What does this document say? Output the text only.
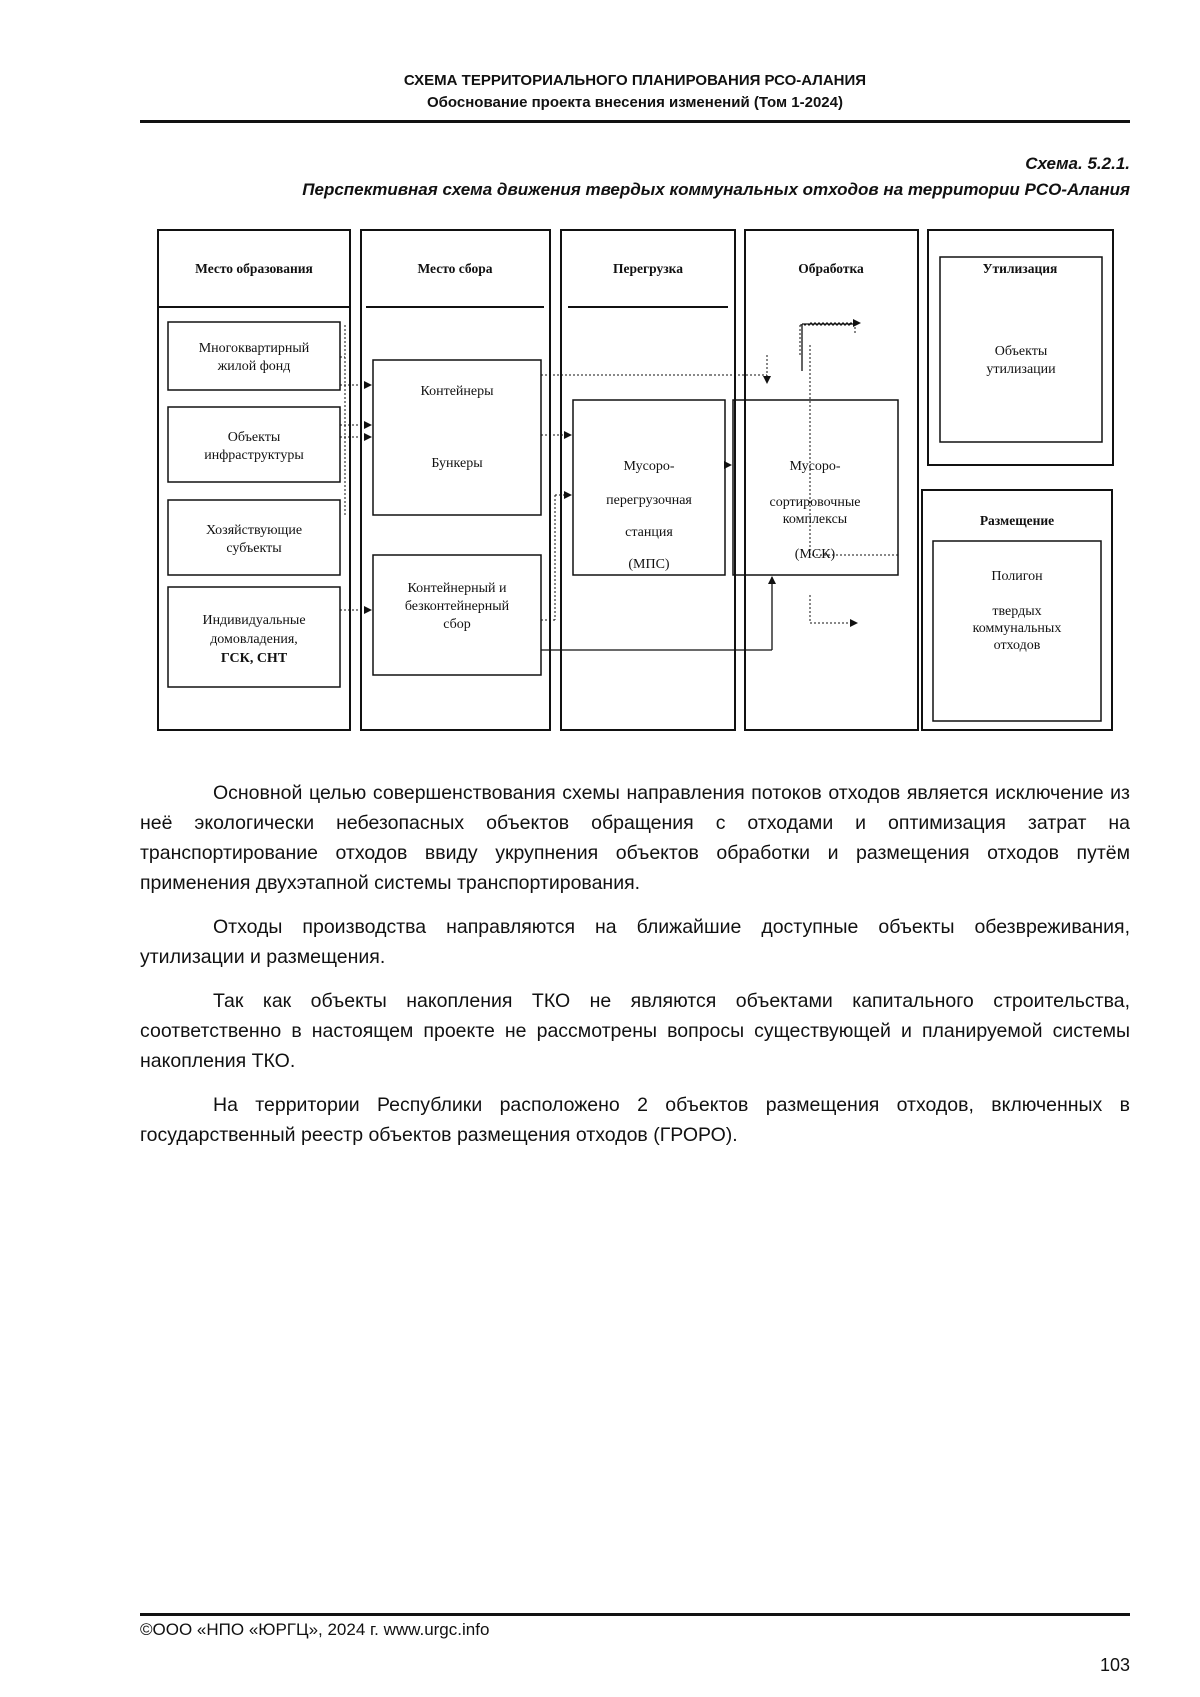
СХЕМА ТЕРРИТОРИАЛЬНОГО ПЛАНИРОВАНИЯ РСО-АЛАНИЯ
Обоснование проекта внесения изменений (Том 1-2024)
Схема. 5.2.1.
Перспективная схема движения твердых коммунальных отходов на территории РСО-Алания
Место образования	Место сбора	Перегрузка	Обработка	Утилизация
Размещение
Многоквартирный
жилой фонд
Объекты
инфраструктуры
Хозяйствующие
субъекты
Индивидуальные
домовладения,
ГСК, СНТ
Контейнеры
Бункеры
Контейнерный и
безконтейнерный
сбор
Мусоро-
перегрузочная
станция
(МПС)
Мусоро-
сортировочные
комплексы
(МСК)
Объекты
утилизации
Полигон
твердых
коммунальных
отходов

Основной целью совершенствования схемы направления потоков отходов является исключение из неё экологически небезопасных объектов обращения с отходами и оптимизация затрат на транспортирование отходов ввиду укрупнения объектов обработки и размещения отходов путём применения двухэтапной системы транспортирования.

Отходы производства направляются на ближайшие доступные объекты обезвреживания, утилизации и размещения.

Так как объекты накопления ТКО не являются объектами капитального строительства, соответственно в настоящем проекте не рассмотрены вопросы существующей и планируемой системы накопления ТКО.

На территории Республики расположено 2 объектов размещения отходов, включенных в государственный реестр объектов размещения отходов (ГРОРО).

©ООО «НПО «ЮРГЦ», 2024 г. www.urgc.info
103
